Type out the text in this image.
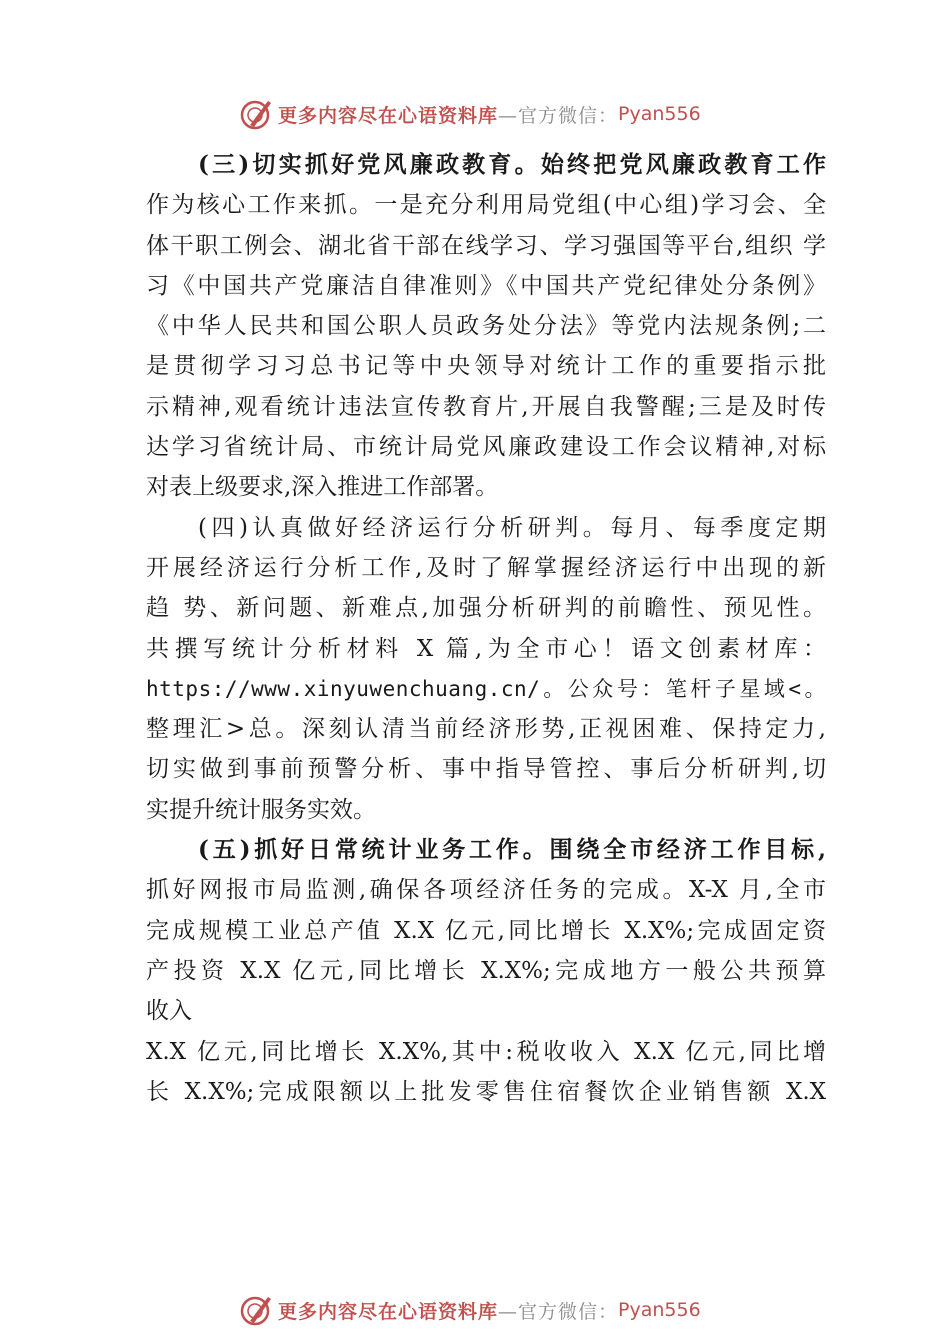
更多内容尽在心语资料库 —官方微信： Pyan556
(三)切实抓好党风廉政教育。始终把党风廉政教育工作
作为核心工作来抓。一是充分利用局党组(中心组)学习会、全
体干职工例会、湖北省干部在线学习、学习强国等平台,组织 学
习《中国共产党廉洁自律准则》《中国共产党纪律处分条例》
《中华人民共和国公职人员政务处分法》等党内法规条例;二
是贯彻学习习总书记等中央领导对统计工作的重要指示批
示精神,观看统计违法宣传教育片,开展自我警醒;三是及时传
达学习省统计局、市统计局党风廉政建设工作会议精神,对标
对表上级要求,深入推进工作部署。
(四)认真做好经济运行分析研判。每月、每季度定期
开展经济运行分析工作,及时了解掌握经济运行中出现的新
趋 势、新问题、新难点,加强分析研判的前瞻性、预见性。
共撰写统计分析材料 X 篇,为全市心！语文创素材库：
https://www.xinyuwenchuang.cn/。公众号：笔杆子星域<。
整理汇>总。深刻认清当前经济形势,正视困难、保持定力,
切实做到事前预警分析、事中指导管控、事后分析研判,切
实提升统计服务实效。
(五)抓好日常统计业务工作。围绕全市经济工作目标,
抓好网报市局监测,确保各项经济任务的完成。X-X 月,全市
完成规模工业总产值 X.X 亿元,同比增长 X.X%;完成固定资
产投资 X.X 亿元,同比增长 X.X%;完成地方一般公共预算
收入
X.X 亿元,同比增长 X.X%,其中:税收收入 X.X 亿元,同比增
长 X.X%;完成限额以上批发零售住宿餐饮企业销售额 X.X
更多内容尽在心语资料库 —官方微信： Pyan556
